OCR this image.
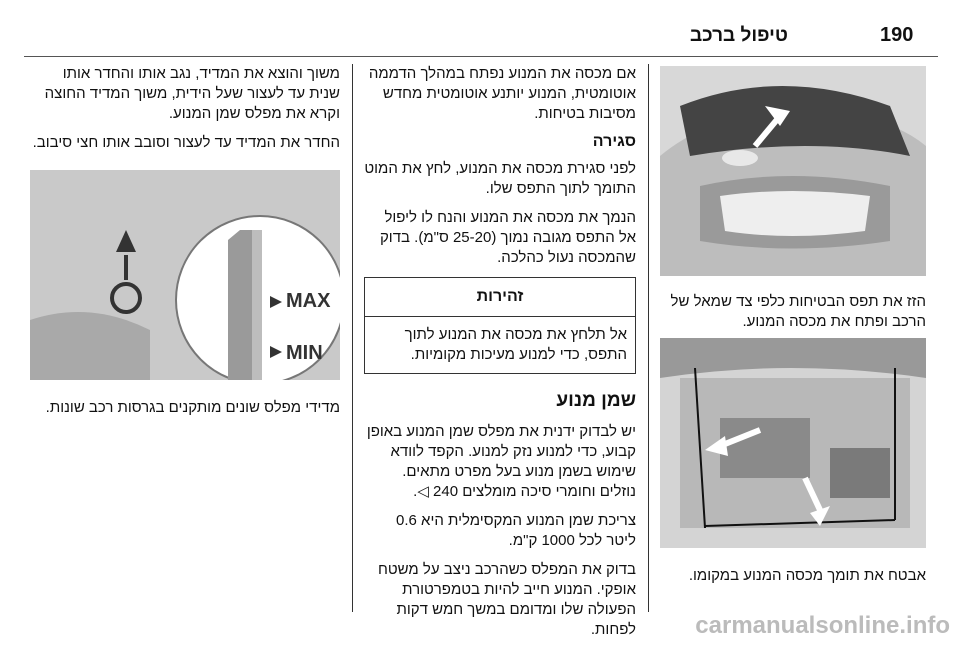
190
טיפול ברכב
הזז את תפס הבטיחות כלפי צד שמאל של הרכב ופתח את מכסה המנוע.
אבטח את תומך מכסה המנוע במקומו.

אם מכסה את המנוע נפתח במהלך הדממה אוטומטית, המנוע יותנע אוטומטית מחדש מסיבות בטיחות.

סגירה

לפני סגירת מכסה את המנוע, לחץ את המוט התומך לתוך התפס שלו.

הנמך את מכסה את המנוע והנח לו ליפול אל התפס מגובה נמוך (25-20 ס"מ). בדוק שהמכסה נעול כהלכה.

זהירות
אל תלחץ את מכסה את המנוע לתוך התפס, כדי למנוע מעיכות מקומיות.
שמן מנוע

יש לבדוק ידנית את מפלס שמן המנוע באופן קבוע, כדי למנוע נזק למנוע. הקפד לוודא שימוש בשמן מנוע בעל מפרט מתאים. נוזלים וחומרי סיכה מומלצים 240 ◁.

צריכת שמן המנוע המקסימלית היא 0.6 ליטר לכל 1000 ק"מ.

בדוק את המפלס כשהרכב ניצב על משטח אופקי. המנוע חייב להיות בטמפרטורת הפעולה שלו ומדומם במשך חמש דקות לפחות.

משוך והוצא את המדיד, נגב אותו והחדר אותו שנית עד לעצור שעל הידית, משוך המדיד החוצה וקרא את מפלס שמן המנוע.

החדר את המדיד עד לעצור וסובב אותו חצי סיבוב.

MAX
MIN
מדידי מפלס שונים מותקנים בגרסות רכב שונות.
carmanualsonline.info
